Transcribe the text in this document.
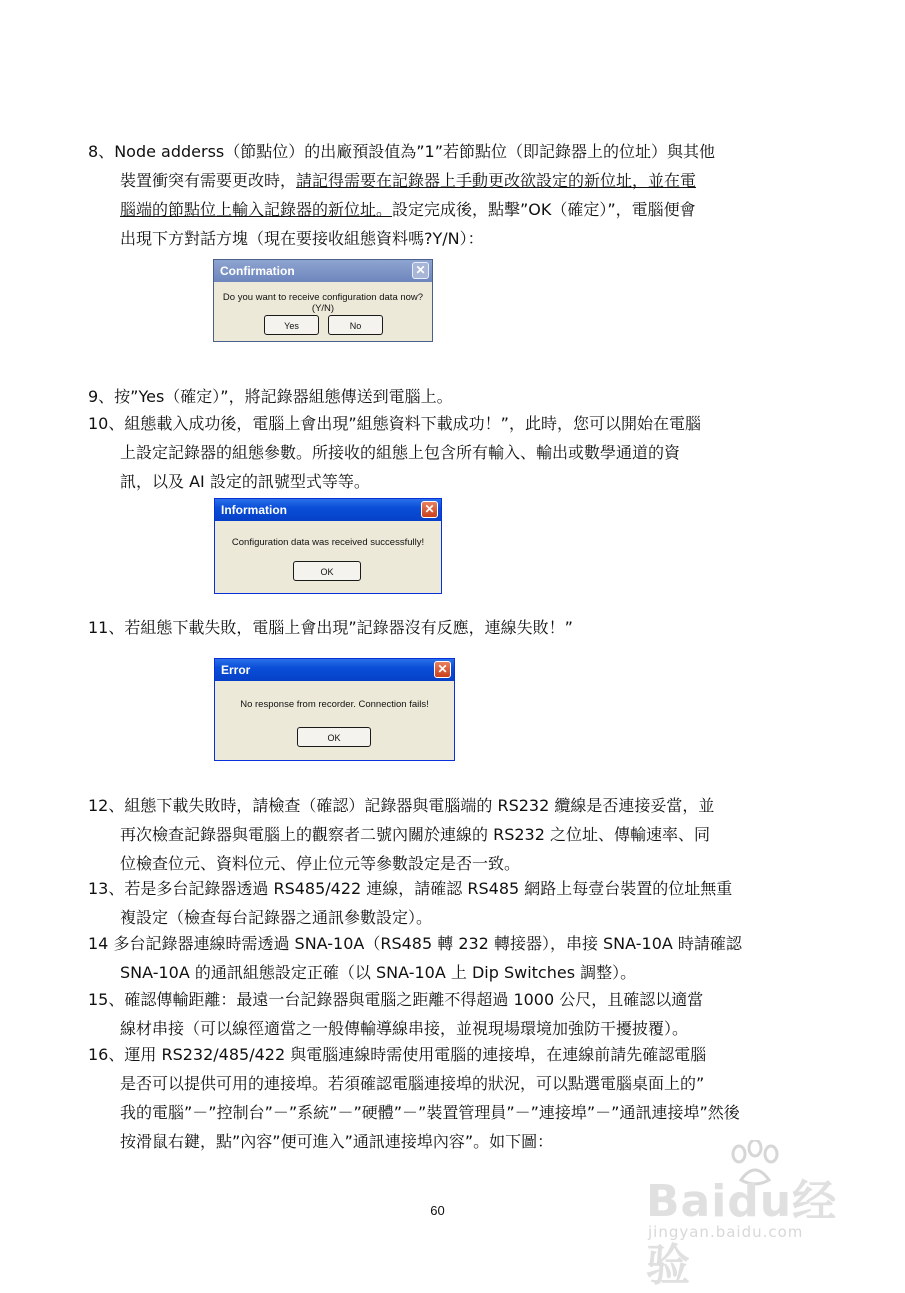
8、Node adderss（節點位）的出廠預設值為”1”若節點位（即記錄器上的位址）與其他
裝置衝突有需要更改時，請記得需要在記錄器上手動更改欲設定的新位址，並在電
腦端的節點位上輸入記錄器的新位址。設定完成後，點擊”OK（確定）”，電腦便會
出現下方對話方塊（現在要接收組態資料嗎?Y/N）：
Confirmation	✕
Do you want to receive configuration data now?(Y/N)
Yes	No
9、按”Yes（確定）”，將記錄器組態傳送到電腦上。
10、組態載入成功後，電腦上會出現”組態資料下載成功！”，此時，您可以開始在電腦
上設定記錄器的組態參數。所接收的組態上包含所有輸入、輸出或數學通道的資
訊，以及 AI 設定的訊號型式等等。
Information	✕
Configuration data was received successfully!
OK
11、若組態下載失敗，電腦上會出現”記錄器沒有反應，連線失敗！”
Error	✕
No response from recorder. Connection fails!
OK
12、組態下載失敗時，請檢查（確認）記錄器與電腦端的 RS232 纜線是否連接妥當，並
再次檢查記錄器與電腦上的觀察者二號內關於連線的 RS232 之位址、傳輸速率、同
位檢查位元、資料位元、停止位元等參數設定是否一致。
13、若是多台記錄器透過 RS485/422 連線，請確認 RS485 網路上每壹台裝置的位址無重
複設定（檢查每台記錄器之通訊參數設定）。
14 多台記錄器連線時需透過 SNA-10A（RS485 轉 232 轉接器），串接 SNA-10A 時請確認
SNA-10A 的通訊組態設定正確（以 SNA-10A 上 Dip Switches 調整）。
15、確認傳輸距離：最遠一台記錄器與電腦之距離不得超過 1000 公尺，且確認以適當
線材串接（可以線徑適當之一般傳輸導線串接，並視現場環境加強防干擾披覆）。
16、運用 RS232/485/422 與電腦連線時需使用電腦的連接埠，在連線前請先確認電腦
是否可以提供可用的連接埠。若須確認電腦連接埠的狀況，可以點選電腦桌面上的”
我的電腦”－”控制台”－”系統”－”硬體”－”裝置管理員”－”連接埠”－”通訊連接埠”然後
按滑鼠右鍵，點”內容”便可進入”通訊連接埠內容”。如下圖：
60	Baidu经验
jingyan.baidu.com
